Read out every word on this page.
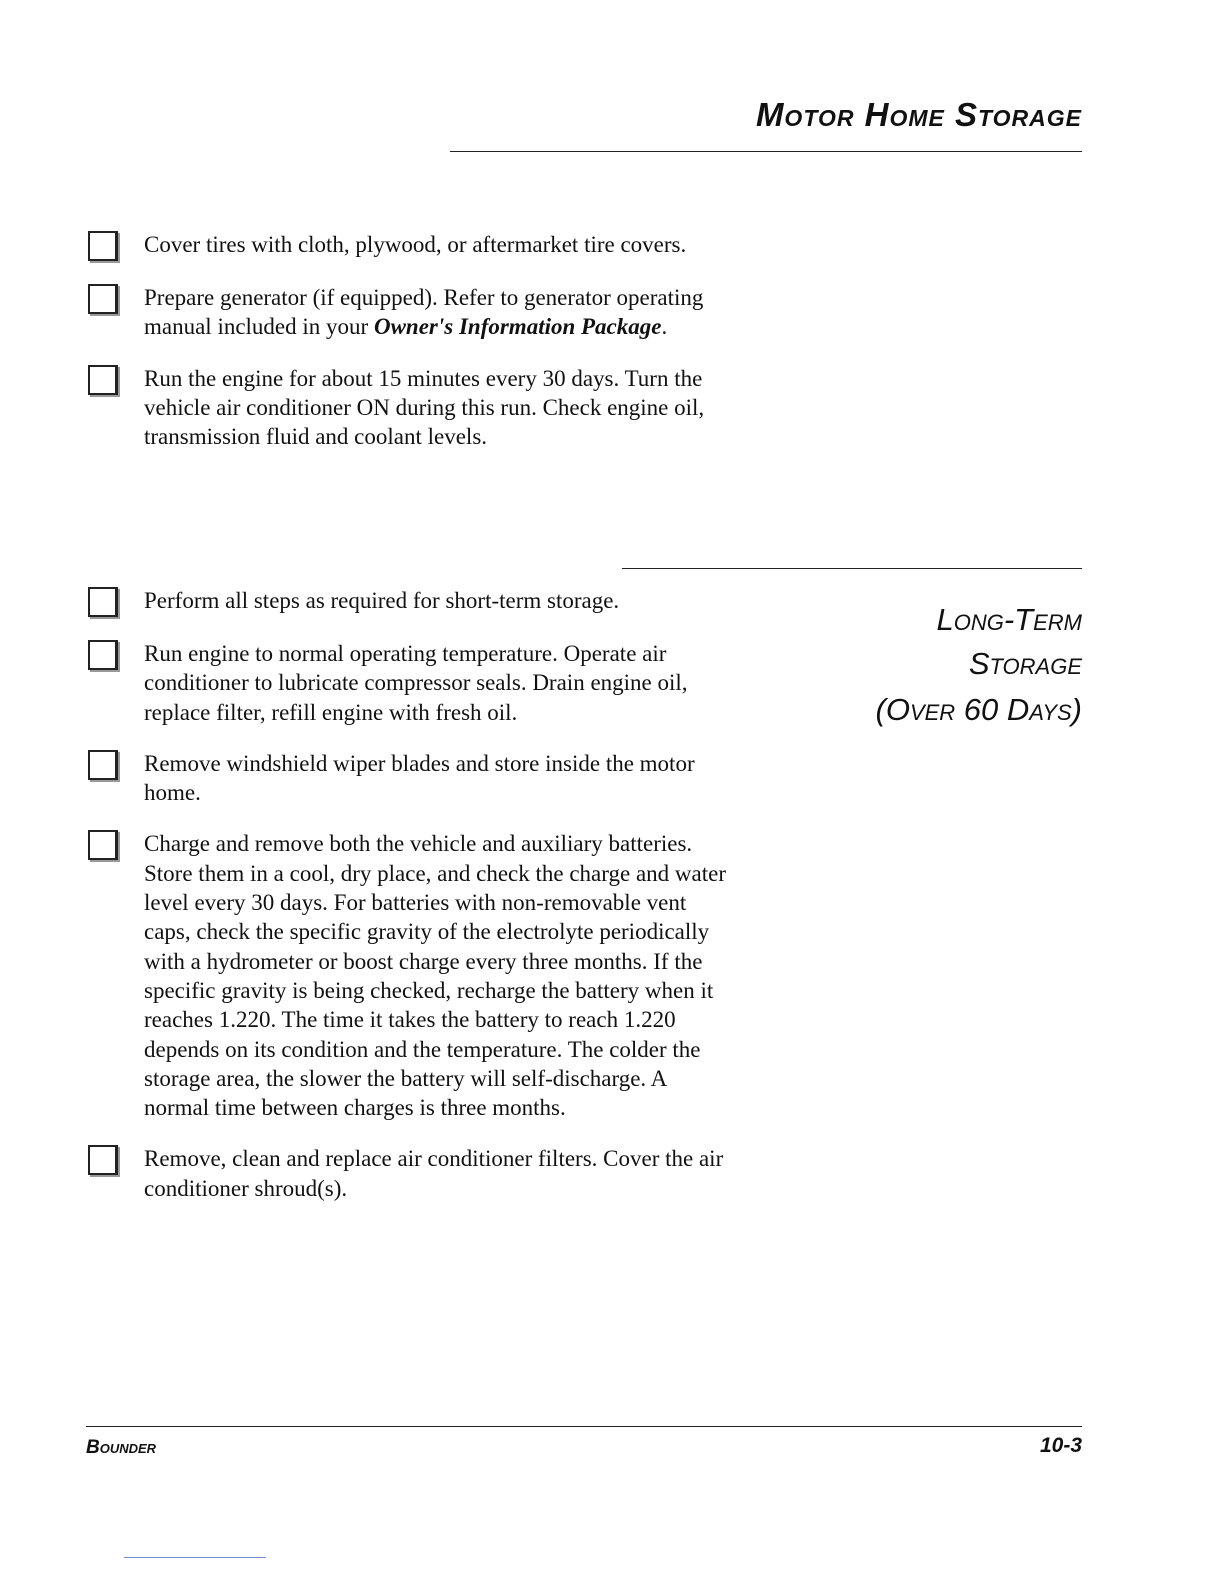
Motor Home Storage

Cover tires with cloth, plywood, or aftermarket tire covers.

Prepare generator (if equipped). Refer to generator operating manual included in your Owner's Information Package.

Run the engine for about 15 minutes every 30 days. Turn the vehicle air conditioner ON during this run. Check engine oil, transmission fluid and coolant levels.

Long-Term
Storage
(Over 60 Days)

Perform all steps as required for short-term storage.

Run engine to normal operating temperature. Operate air conditioner to lubricate compressor seals. Drain engine oil, replace filter, refill engine with fresh oil.

Remove windshield wiper blades and store inside the motor home.

Charge and remove both the vehicle and auxiliary batteries. Store them in a cool, dry place, and check the charge and water level every 30 days. For batteries with non-removable vent caps, check the specific gravity of the electrolyte periodically with a hydrometer or boost charge every three months. If the specific gravity is being checked, recharge the battery when it reaches 1.220. The time it takes the battery to reach 1.220 depends on its condition and the temperature. The colder the storage area, the slower the battery will self-discharge. A normal time between charges is three months.

Remove, clean and replace air conditioner filters. Cover the air conditioner shroud(s).

Bounder	10-3
